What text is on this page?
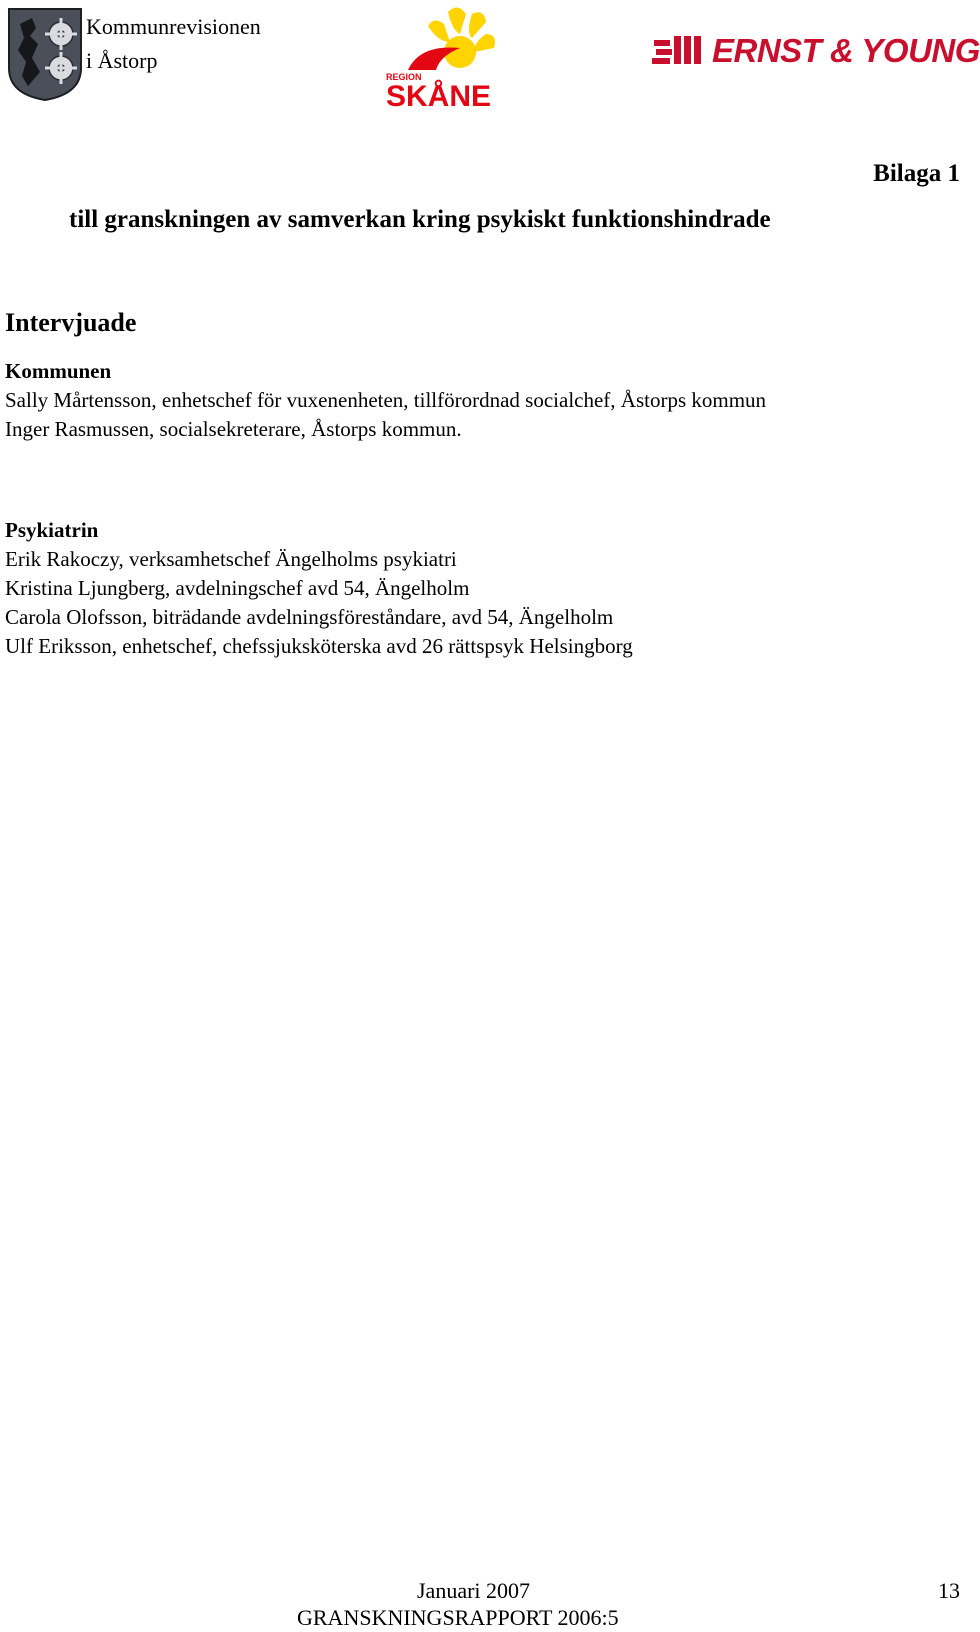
Kommunrevisionen
i Åstorp
REGION
SKÅNE
ERNST & YOUNG
Bilaga 1
till granskningen av samverkan kring psykiskt funktionshindrade
Intervjuade
Kommunen
Sally Mårtensson, enhetschef för vuxenenheten, tillförordnad socialchef, Åstorps kommun
Inger Rasmussen, socialsekreterare, Åstorps kommun.
Psykiatrin
Erik Rakoczy, verksamhetschef Ängelholms psykiatri
Kristina Ljungberg, avdelningschef avd 54, Ängelholm
Carola Olofsson, biträdande avdelningsföreståndare, avd 54, Ängelholm
Ulf Eriksson, enhetschef, chefssjuksköterska avd 26 rättspsyk Helsingborg
Januari 2007
GRANSKNINGSRAPPORT 2006:5
13
